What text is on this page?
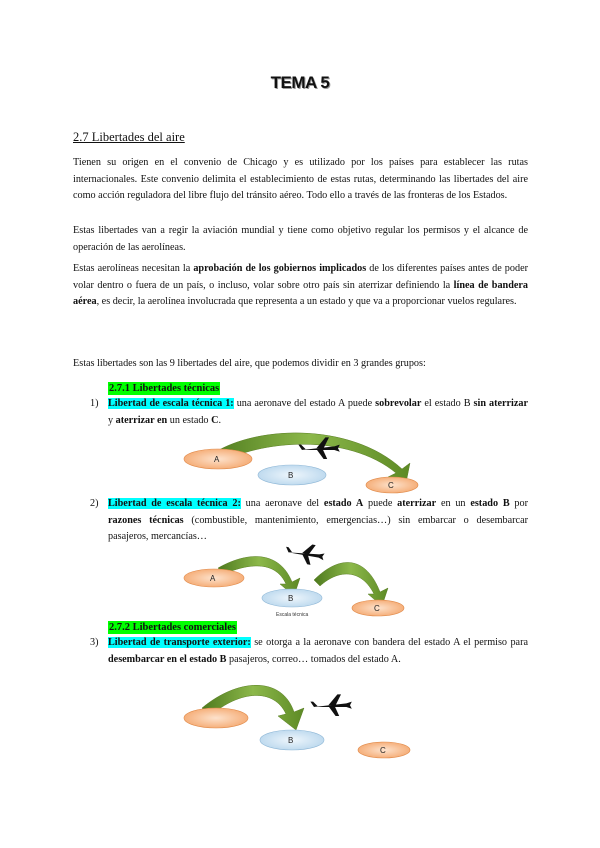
TEMA 5
2.7 Libertades del aire

Tienen su origen en el convenio de Chicago y es utilizado por los países para establecer las rutas internacionales. Este convenio delimita el establecimiento de estas rutas, determinando las libertades del aire como acción reguladora del libre flujo del tránsito aéreo. Todo ello a través de las fronteras de los Estados.

Estas libertades van a regir la aviación mundial y tiene como objetivo regular los permisos y el alcance de operación de las aerolíneas.

Estas aerolíneas necesitan la aprobación de los gobiernos implicados de los diferentes países antes de poder volar dentro o fuera de un país, o incluso, volar sobre otro país sin aterrizar definiendo la línea de bandera aérea, es decir, la aerolínea involucrada que representa a un estado y que va a proporcionar vuelos regulares.

Estas libertades son las 9 libertades del aire, que podemos dividir en 3 grandes grupos:

2.7.1 Libertades técnicas
1) Libertad de escala técnica 1: una aeronave del estado A puede sobrevolar el estado B sin aterrizar y aterrizar en un estado C.
A
B
C
2) Libertad de escala técnica 2: una aeronave del estado A puede aterrizar en un estado B por razones técnicas (combustible, mantenimiento, emergencias…) sin embarcar o desembarcar pasajeros, mercancías…
A
B
Escala técnica
C
2.7.2 Libertades comerciales
3) Libertad de transporte exterior: se otorga a la aeronave con bandera del estado A el permiso para desembarcar en el estado B pasajeros, correo… tomados del estado A.
B
C
